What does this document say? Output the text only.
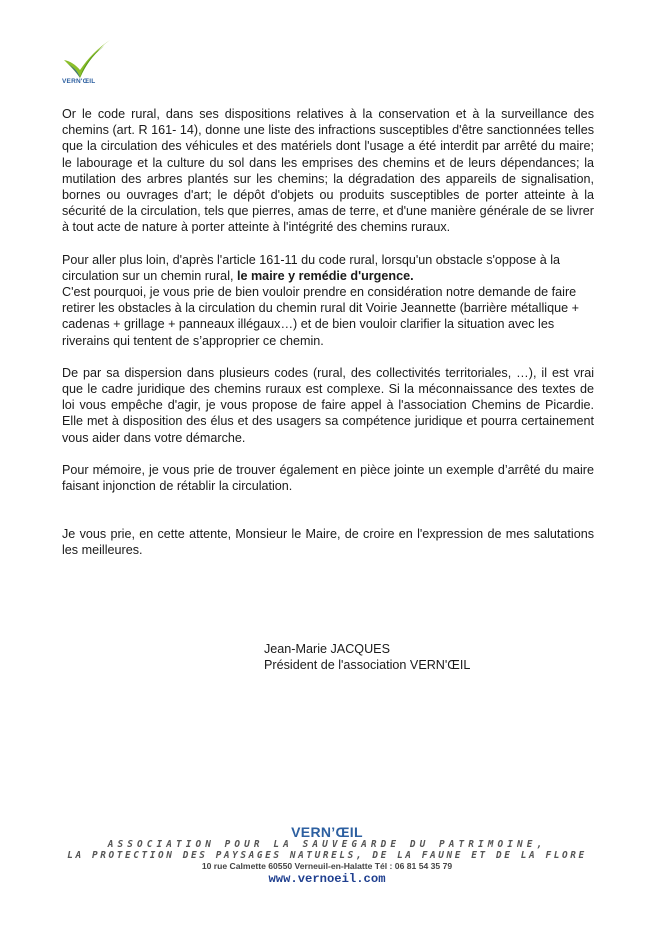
VERN'ŒIL

Or le code rural, dans ses dispositions relatives à la conservation et à la surveillance des chemins (art. R 161- 14), donne une liste des infractions susceptibles d'être sanctionnées telles que la circulation des véhicules et des matériels dont l'usage a été interdit par arrêté du maire; le labourage et la culture du sol dans les emprises des chemins et de leurs dépendances; la mutilation des arbres plantés sur les chemins; la dégradation des appareils de signalisation, bornes ou ouvrages d'art; le dépôt d'objets ou produits susceptibles de porter atteinte à la sécurité de la circulation, tels que pierres, amas de terre, et d'une manière générale de se livrer à tout acte de nature à porter atteinte à l'intégrité des chemins ruraux.

Pour aller plus loin, d'après l'article 161-11 du code rural, lorsqu'un obstacle s'oppose à la
circulation sur un chemin rural, le maire y remédie d'urgence.
C'est pourquoi, je vous prie de bien vouloir prendre en considération notre demande de faire retirer les obstacles à la circulation du chemin rural dit Voirie Jeannette (barrière métallique + cadenas + grillage + panneaux illégaux…) et de bien vouloir clarifier la situation avec les riverains qui tentent de s’approprier ce chemin.

De par sa dispersion dans plusieurs codes (rural, des collectivités territoriales, …), il est vrai que le cadre juridique des chemins ruraux est complexe. Si la méconnaissance des textes de loi vous empêche d'agir, je vous propose de faire appel à l'association Chemins de Picardie. Elle met à disposition des élus et des usagers sa compétence juridique et pourra certainement vous aider dans votre démarche.

Pour mémoire, je vous prie de trouver également en pièce jointe un exemple d’arrêté du maire faisant injonction de rétablir la circulation.

Je vous prie, en cette attente, Monsieur le Maire, de croire en l'expression de mes salutations les meilleures.

Jean-Marie JACQUES
Président de l'association VERN'ŒIL
VERN’ŒIL
ASSOCIATION POUR LA SAUVEGARDE DU PATRIMOINE,
LA PROTECTION DES PAYSAGES NATURELS, DE LA FAUNE ET DE LA FLORE
10 rue Calmette 60550 Verneuil-en-Halatte Tél : 06 81 54 35 79
www.vernoeil.com
